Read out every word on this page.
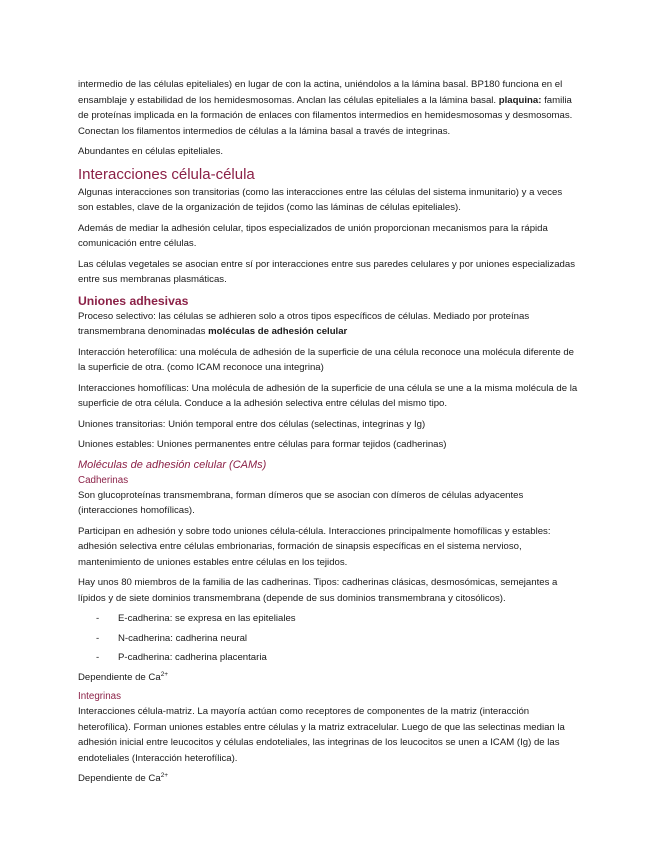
intermedio de las células epiteliales) en lugar de con la actina, uniéndolos a la lámina basal. BP180 funciona en el ensamblaje y estabilidad de los hemidesmosomas. Anclan las células epiteliales a la lámina basal. plaquina: familia de proteínas implicada en la formación de enlaces con filamentos intermedios en hemidesmosomas y desmosomas. Conectan los filamentos intermedios de células a la lámina basal a través de integrinas.

Abundantes en células epiteliales.

Interacciones célula-célula

Algunas interacciones son transitorias (como las interacciones entre las células del sistema inmunitario) y a veces son estables, clave de la organización de tejidos (como las láminas de células epiteliales).

Además de mediar la adhesión celular, tipos especializados de unión proporcionan mecanismos para la rápida comunicación entre células.

Las células vegetales se asocian entre sí por interacciones entre sus paredes celulares y por uniones especializadas entre sus membranas plasmáticas.

Uniones adhesivas

Proceso selectivo: las células se adhieren solo a otros tipos específicos de células. Mediado por proteínas transmembrana denominadas moléculas de adhesión celular

Interacción heterofílica: una molécula de adhesión de la superficie de una célula reconoce una molécula diferente de la superficie de otra. (como ICAM reconoce una integrina)

Interacciones homofílicas: Una molécula de adhesión de la superficie de una célula se une a la misma molécula de la superficie de otra célula. Conduce a la adhesión selectiva entre células del mismo tipo.

Uniones transitorias: Unión temporal entre dos células (selectinas, integrinas y Ig)

Uniones estables: Uniones permanentes entre células para formar tejidos (cadherinas)

Moléculas de adhesión celular (CAMs)
Cadherinas

Son glucoproteínas transmembrana, forman dímeros que se asocian con dímeros de células adyacentes (interacciones homofílicas).

Participan en adhesión y sobre todo uniones célula-célula. Interacciones principalmente homofílicas y estables: adhesión selectiva entre células embrionarias, formación de sinapsis específicas en el sistema nervioso, mantenimiento de uniones estables entre células en los tejidos.

Hay unos 80 miembros de la familia de las cadherinas. Tipos: cadherinas clásicas, desmosómicas, semejantes a lípidos y de siete dominios transmembrana (depende de sus dominios transmembrana y citosólicos).

- E-cadherina: se expresa en las epiteliales
- N-cadherina: cadherina neural
- P-cadherina: cadherina placentaria

Dependiente de $Ca^{2+}$

Integrinas

Interacciones célula-matriz. La mayoría actúan como receptores de componentes de la matriz (interacción heterofílica). Forman uniones estables entre células y la matriz extracelular. Luego de que las selectinas median la adhesión inicial entre leucocitos y células endoteliales, las integrinas de los leucocitos se unen a ICAM (Ig) de las endoteliales (Interacción heterofílica).

Dependiente de $Ca^{2+}$
